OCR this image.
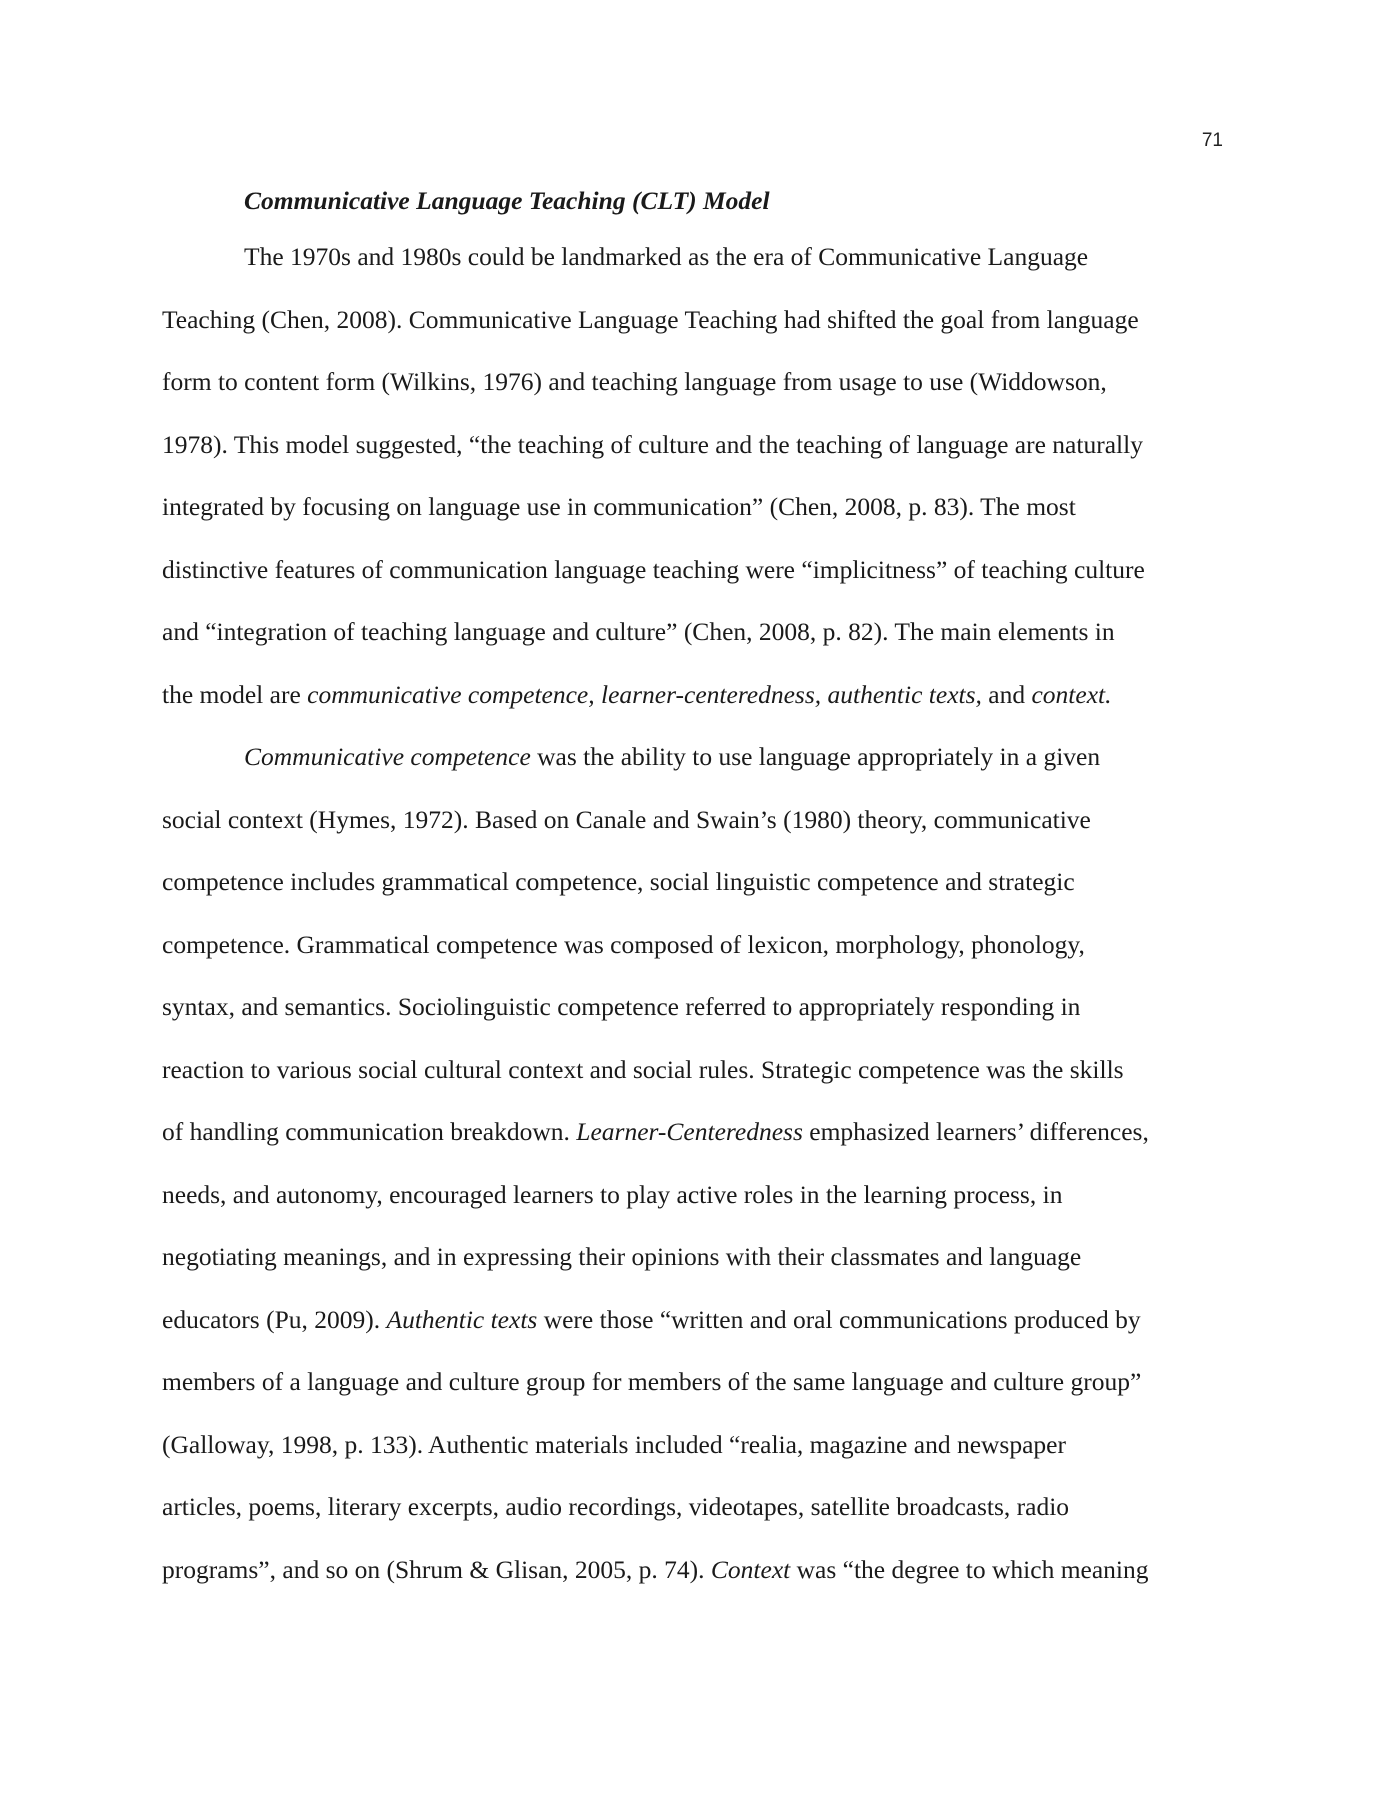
71
Communicative Language Teaching (CLT) Model
The 1970s and 1980s could be landmarked as the era of Communicative Language
Teaching (Chen, 2008). Communicative Language Teaching had shifted the goal from language
form to content form (Wilkins, 1976) and teaching language from usage to use (Widdowson,
1978). This model suggested, “the teaching of culture and the teaching of language are naturally
integrated by focusing on language use in communication” (Chen, 2008, p. 83). The most
distinctive features of communication language teaching were “implicitness” of teaching culture
and “integration of teaching language and culture” (Chen, 2008, p. 82). The main elements in
the model are communicative competence, learner-centeredness, authentic texts, and context.
Communicative competence was the ability to use language appropriately in a given
social context (Hymes, 1972). Based on Canale and Swain’s (1980) theory, communicative
competence includes grammatical competence, social linguistic competence and strategic
competence. Grammatical competence was composed of lexicon, morphology, phonology,
syntax, and semantics. Sociolinguistic competence referred to appropriately responding in
reaction to various social cultural context and social rules. Strategic competence was the skills
of handling communication breakdown. Learner-Centeredness emphasized learners’ differences,
needs, and autonomy, encouraged learners to play active roles in the learning process, in
negotiating meanings, and in expressing their opinions with their classmates and language
educators (Pu, 2009). Authentic texts were those “written and oral communications produced by
members of a language and culture group for members of the same language and culture group”
(Galloway, 1998, p. 133). Authentic materials included “realia, magazine and newspaper
articles, poems, literary excerpts, audio recordings, videotapes, satellite broadcasts, radio
programs”, and so on (Shrum & Glisan, 2005, p. 74). Context was “the degree to which meaning
